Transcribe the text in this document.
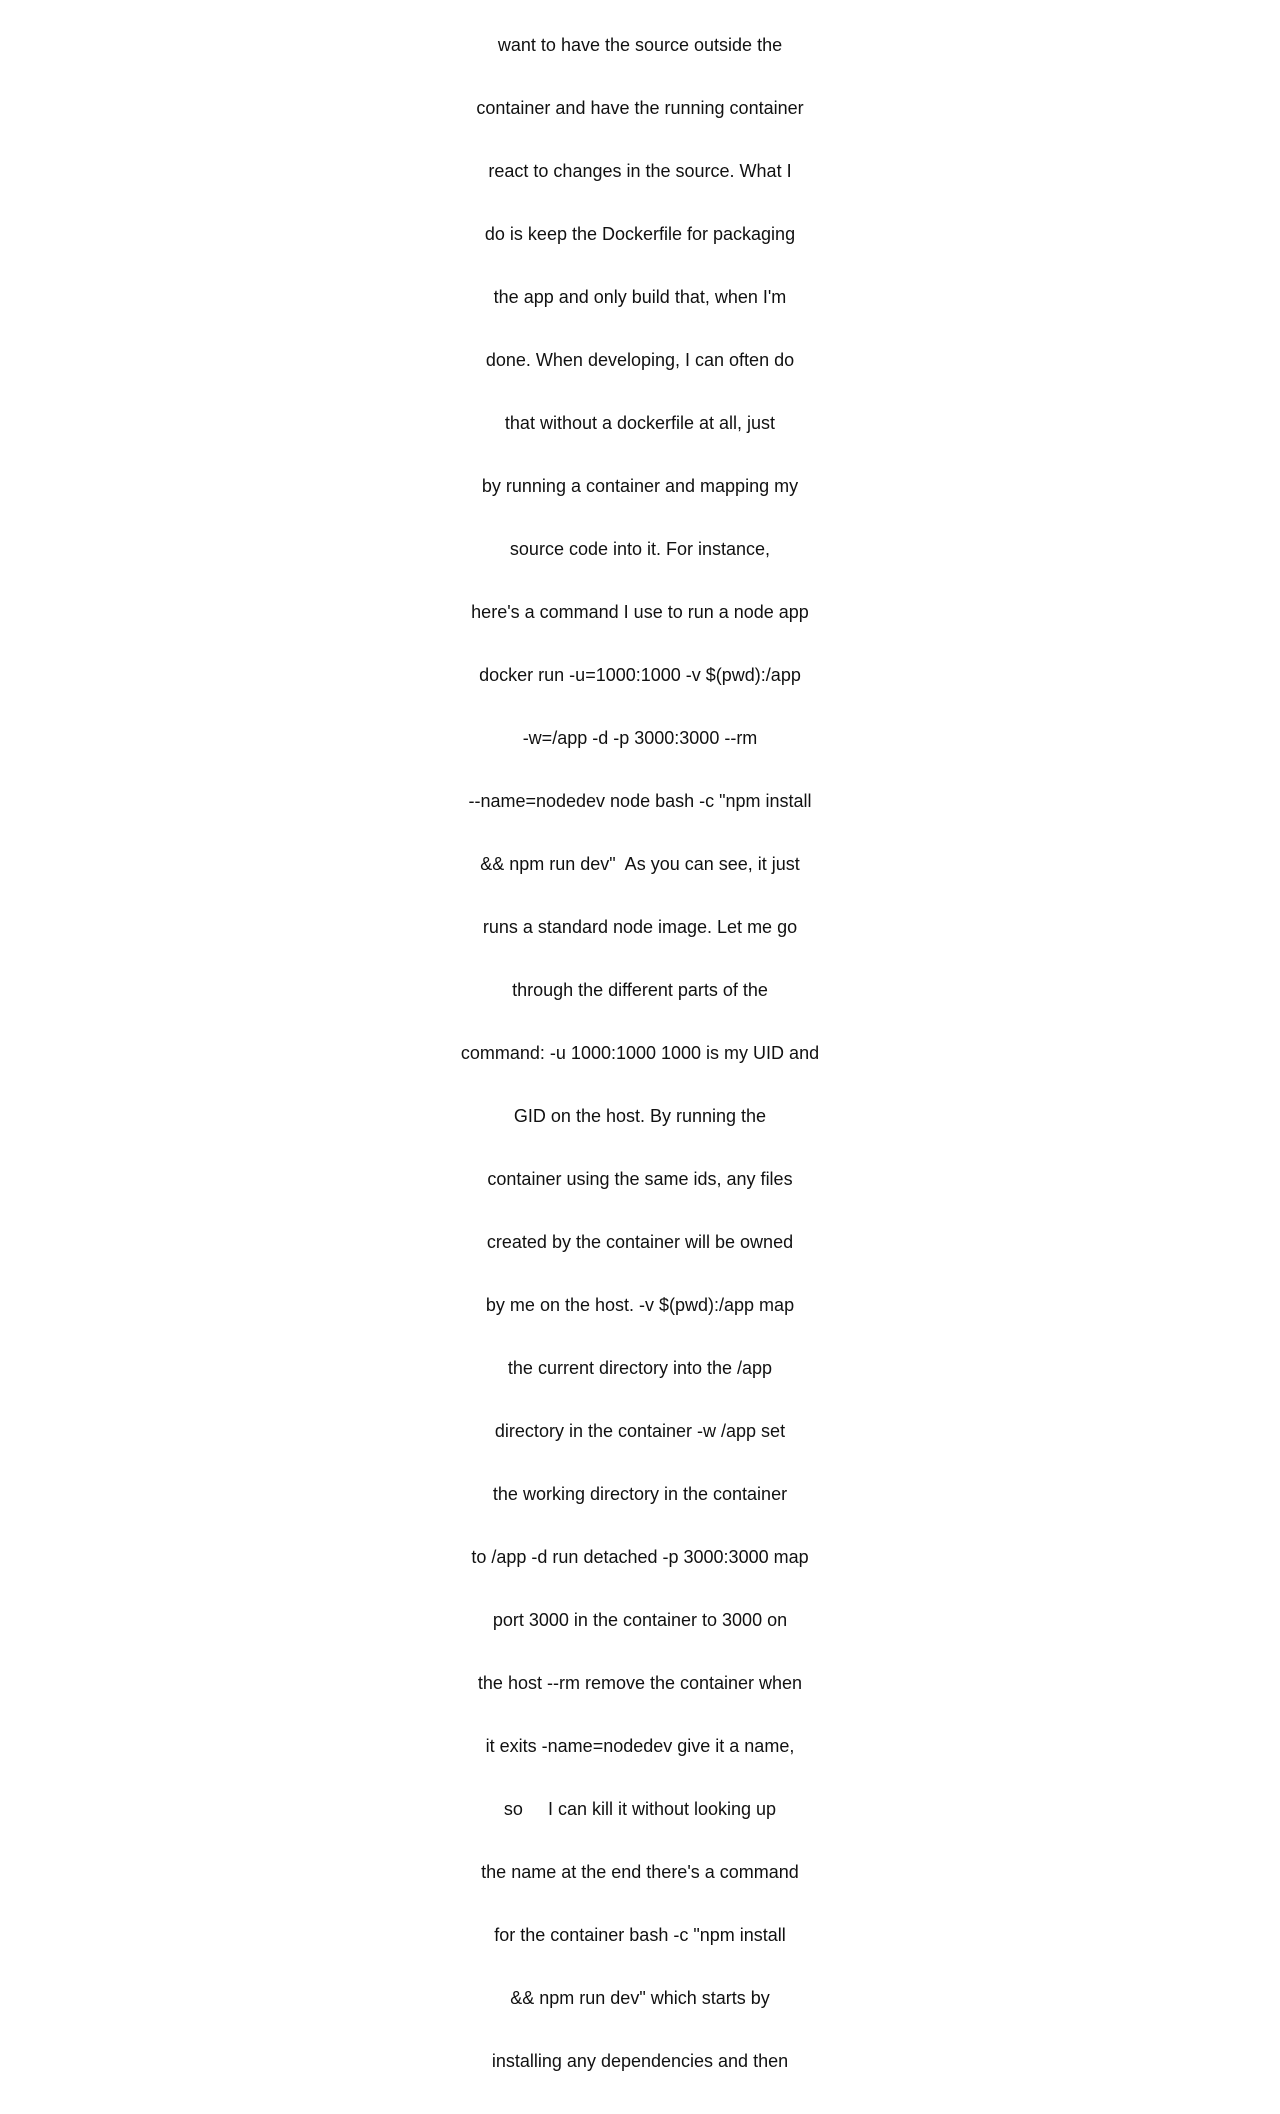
want to have the source outside the

container and have the running container

react to changes in the source. What I

do is keep the Dockerfile for packaging

the app and only build that, when I'm

done. When developing, I can often do

that without a dockerfile at all, just

by running a container and mapping my

source code into it. For instance,

here's a command I use to run a node app

docker run -u=1000:1000 -v $(pwd):/app

-w=/app -d -p 3000:3000 --rm

--name=nodedev node bash -c "npm install

&& npm run dev"  As you can see, it just

runs a standard node image. Let me go

through the different parts of the

command: -u 1000:1000 1000 is my UID and

GID on the host. By running the

container using the same ids, any files

created by the container will be owned

by me on the host. -v $(pwd):/app map

the current directory into the /app

directory in the container -w /app set

the working directory in the container

to /app -d run detached -p 3000:3000 map

port 3000 in the container to 3000 on

the host --rm remove the container when

it exits -name=nodedev give it a name,

so     I can kill it without looking up

the name at the end there's a command

for the container bash -c "npm install

&& npm run dev" which starts by

installing any dependencies and then
